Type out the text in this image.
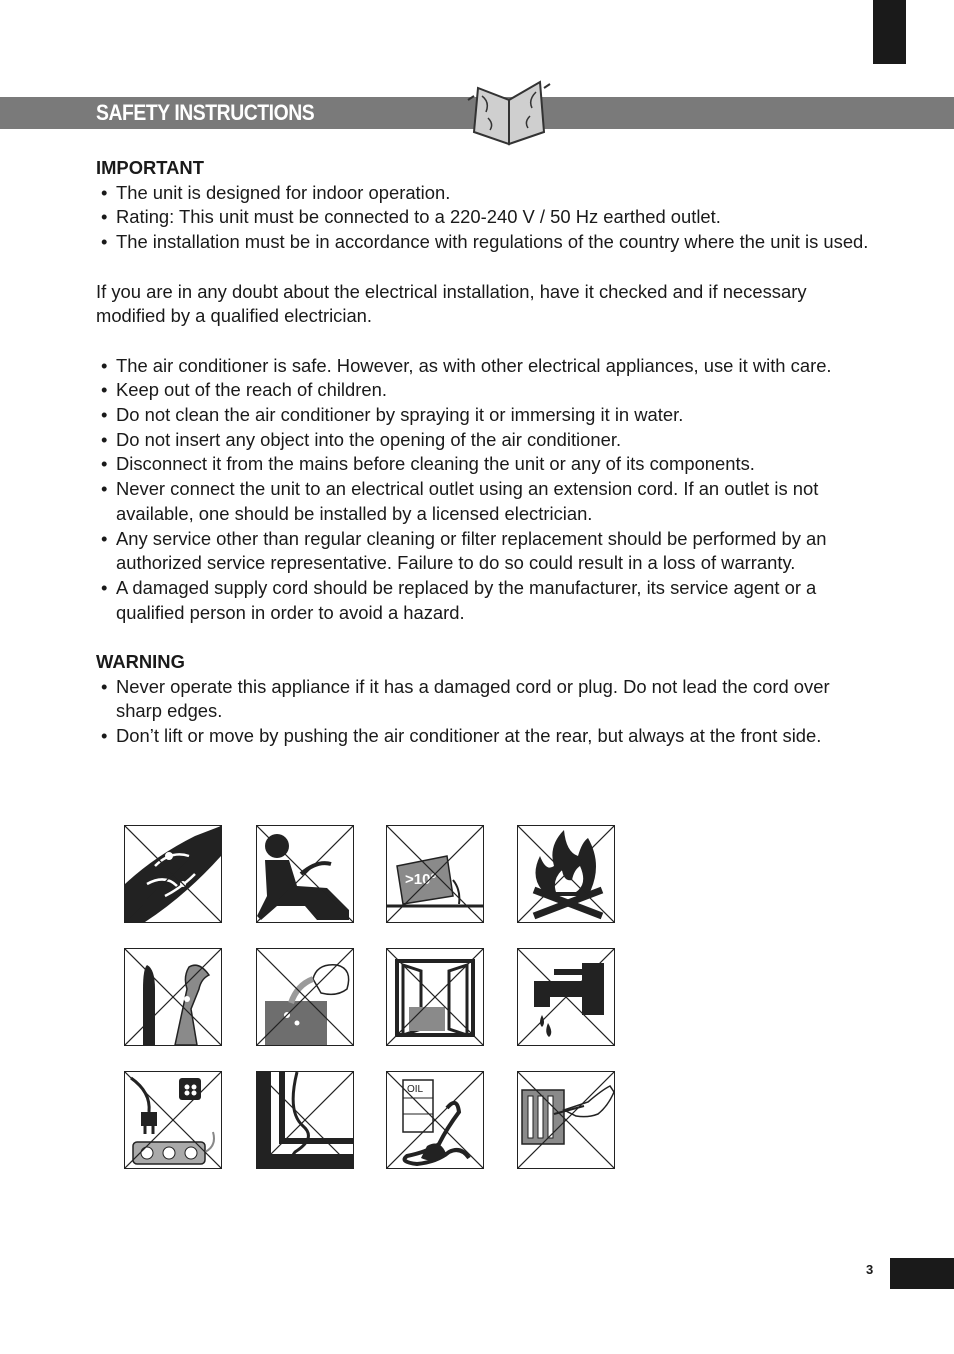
SAFETY INSTRUCTIONS

IMPORTANT

• The unit is designed for indoor operation.
• Rating: This unit must be connected to a 220-240 V / 50 Hz earthed outlet.
• The installation must be in accordance with regulations of the country where the unit is used.

If you are in any doubt about the electrical installation, have it checked and if necessary modified by a qualified electrician.

• The air conditioner is safe. However, as with other electrical appliances, use it with care.
• Keep out of the reach of children.
• Do not clean the air conditioner by spraying it or immersing it in water.
• Do not insert any object into the opening of the air conditioner.
• Disconnect it from the mains before cleaning the unit or any of its components.
• Never connect the unit to an electrical outlet using an extension cord. If an outlet is not available, one should be installed by a licensed electrician.
• Any service other than regular cleaning or filter replacement should be performed by an authorized service representative. Failure to do so could result in a loss of warranty.
• A damaged supply cord should be replaced by the manufacturer, its service agent or a qualified person in order to avoid a hazard.

WARNING

• Never operate this appliance if it has a damaged cord or plug. Do not lead the cord over sharp edges.
• Don’t lift or move by pushing the air conditioner at the rear, but always at the front side.
>10°
OIL
3
